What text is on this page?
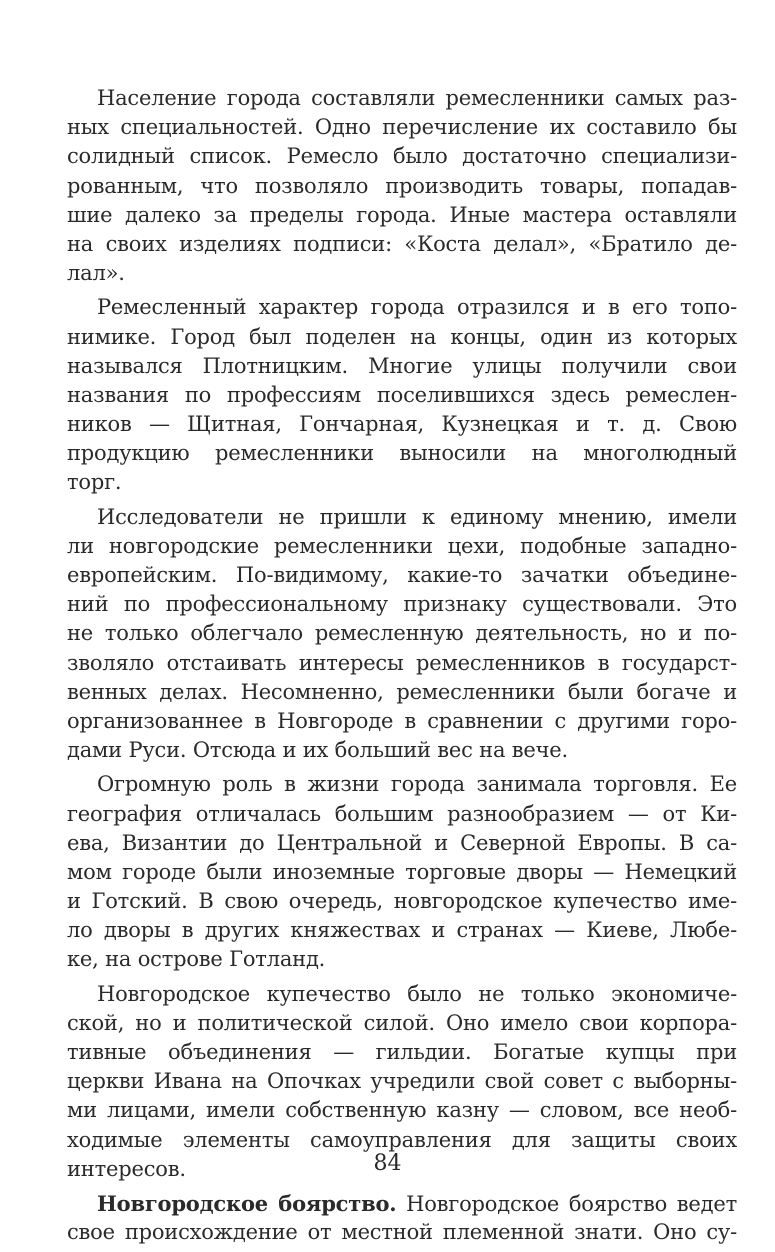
Население города составляли ремесленники самых раз-
ных специальностей. Одно перечисление их составило бы
солидный список. Ремесло было достаточно специализи-
рованным, что позволяло производить товары, попадав-
шие далеко за пределы города. Иные мастера оставляли
на своих изделиях подписи: «Коста делал», «Братило де-
лал».
Ремесленный характер города отразился и в его топо-
нимике. Город был поделен на концы, один из которых
назывался Плотницким. Многие улицы получили свои
названия по профессиям поселившихся здесь ремеслен-
ников — Щитная, Гончарная, Кузнецкая и т. д. Свою
продукцию ремесленники выносили на многолюдный
торг.
Исследователи не пришли к единому мнению, имели
ли новгородские ремесленники цехи, подобные западно-
европейским. По-видимому, какие-то зачатки объедине-
ний по профессиональному признаку существовали. Это
не только облегчало ремесленную деятельность, но и по-
зволяло отстаивать интересы ремесленников в государст-
венных делах. Несомненно, ремесленники были богаче и
организованнее в Новгороде в сравнении с другими горо-
дами Руси. Отсюда и их больший вес на вече.
Огромную роль в жизни города занимала торговля. Ее
география отличалась большим разнообразием — от Ки-
ева, Византии до Центральной и Северной Европы. В са-
мом городе были иноземные торговые дворы — Немецкий
и Готский. В свою очередь, новгородское купечество име-
ло дворы в других княжествах и странах — Киеве, Любе-
ке, на острове Готланд.
Новгородское купечество было не только экономиче-
ской, но и политической силой. Оно имело свои корпора-
тивные объединения — гильдии. Богатые купцы при
церкви Ивана на Опочках учредили свой совет с выборны-
ми лицами, имели собственную казну — словом, все необ-
ходимые элементы самоуправления для защиты своих
интересов.
Новгородское боярство. Новгородское боярство ведет
свое происхождение от местной племенной знати. Оно су-
84
